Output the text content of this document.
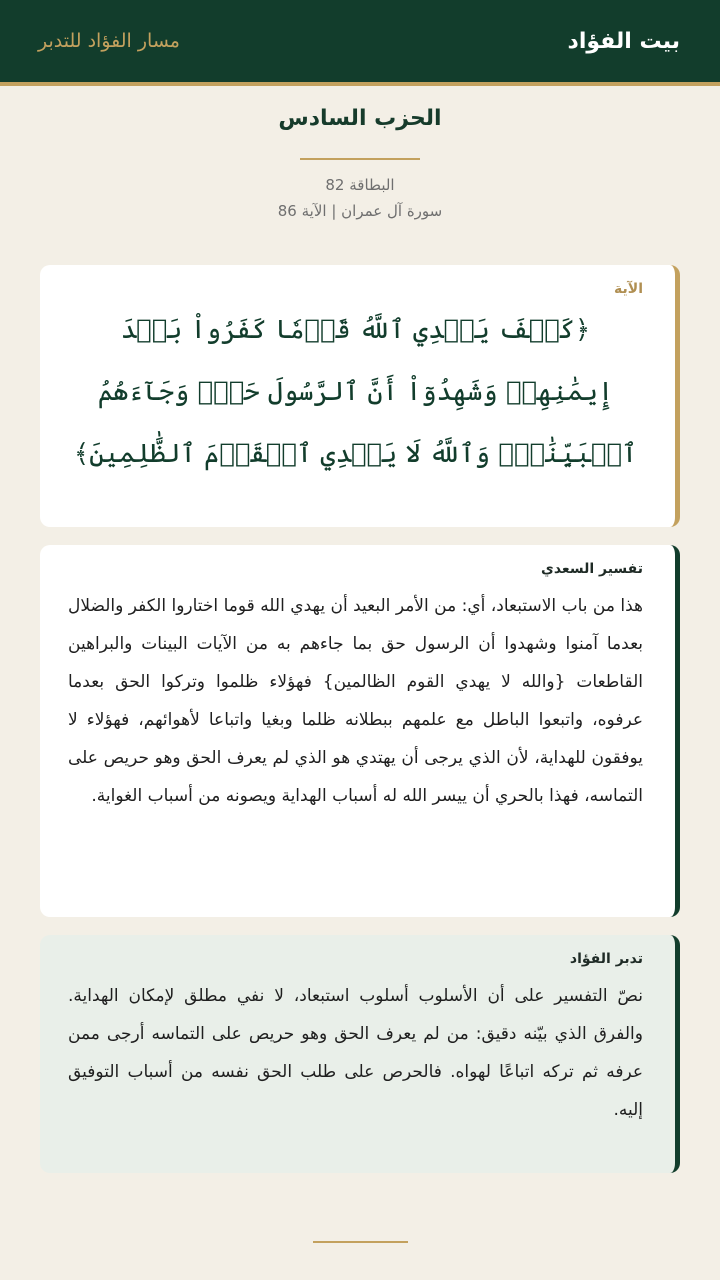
بيت الفؤاد
مسار الفؤاد للتدبر
الحزب السادس
البطاقة 82
سورة آل عمران | الآية 86
الآية
﴿كَيۡفَ يَهۡدِي ٱللَّهُ قَوۡمٗا كَفَرُواْ بَعۡدَ إِيمَٰنِهِمۡ وَشَهِدُوٓاْ أَنَّ ٱلرَّسُولَ حَقّٞ وَجَآءَهُمُ ٱلۡبَيِّنَٰتُۚ وَٱللَّهُ لَا يَهۡدِي ٱلۡقَوۡمَ ٱلظَّٰلِمِينَ﴾
تفسير السعدي
هذا من باب الاستبعاد، أي: من الأمر البعيد أن يهدي الله قوما اختاروا الكفر والضلال بعدما آمنوا وشهدوا أن الرسول حق بما جاءهم به من الآيات البينات والبراهين القاطعات {والله لا يهدي القوم الظالمين} فهؤلاء ظلموا وتركوا الحق بعدما عرفوه، واتبعوا الباطل مع علمهم ببطلانه ظلما وبغيا واتباعا لأهوائهم، فهؤلاء لا يوفقون للهداية، لأن الذي يرجى أن يهتدي هو الذي لم يعرف الحق وهو حريص على التماسه، فهذا بالحري أن ييسر الله له أسباب الهداية ويصونه من أسباب الغواية.
تدبر الفؤاد
نصّ التفسير على أن الأسلوب أسلوب استبعاد، لا نفي مطلق لإمكان الهداية. والفرق الذي بيّنه دقيق: من لم يعرف الحق وهو حريص على التماسه أرجى ممن عرفه ثم تركه اتباعًا لهواه. فالحرص على طلب الحق نفسه من أسباب التوفيق إليه.
